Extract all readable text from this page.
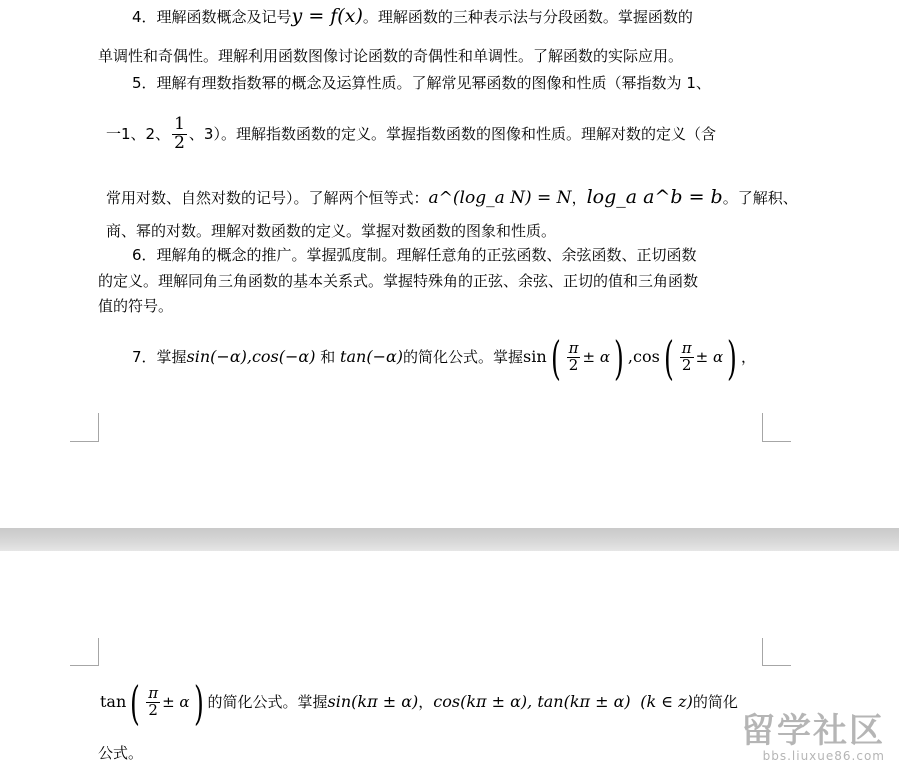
4．理解函数概念及记号y = f(x)。理解函数的三种表示法与分段函数。掌握函数的
单调性和奇偶性。理解利用函数图像讨论函数的奇偶性和单调性。了解函数的实际应用。
5．理解有理数指数幂的概念及运算性质。了解常见幂函数的图像和性质（幂指数为 1、
一1、2、 $\frac{1}{2}$ 、3）。理解指数函数的定义。掌握指数函数的图像和性质。理解对数的定义（含
常用对数、自然对数的记号）。了解两个恒等式：a^(log_a N) = N，log_a a^b = b。了解积、
商、幂的对数。理解对数函数的定义。掌握对数函数的图象和性质。
6．理解角的概念的推广。掌握弧度制。理解任意角的正弦函数、余弦函数、正切函数
的定义。理解同角三角函数的基本关系式。掌握特殊角的正弦、余弦、正切的值和三角函数
值的符号。
7．掌握sin(−α),cos(−α) 和 tan(−α)的简化公式。掌握$\sin( \frac{\pi}{2} \pm \alpha)$ $,\cos( \frac{\pi}{2} \pm \alpha)$ ，
$\tan( \frac{\pi}{2} \pm \alpha)$ 的简化公式。掌握sin(kπ ± α)，cos(kπ ± α), tan(kπ ± α) (k ∈ z)的简化
公式。
留学社区
bbs.liuxue86.com
